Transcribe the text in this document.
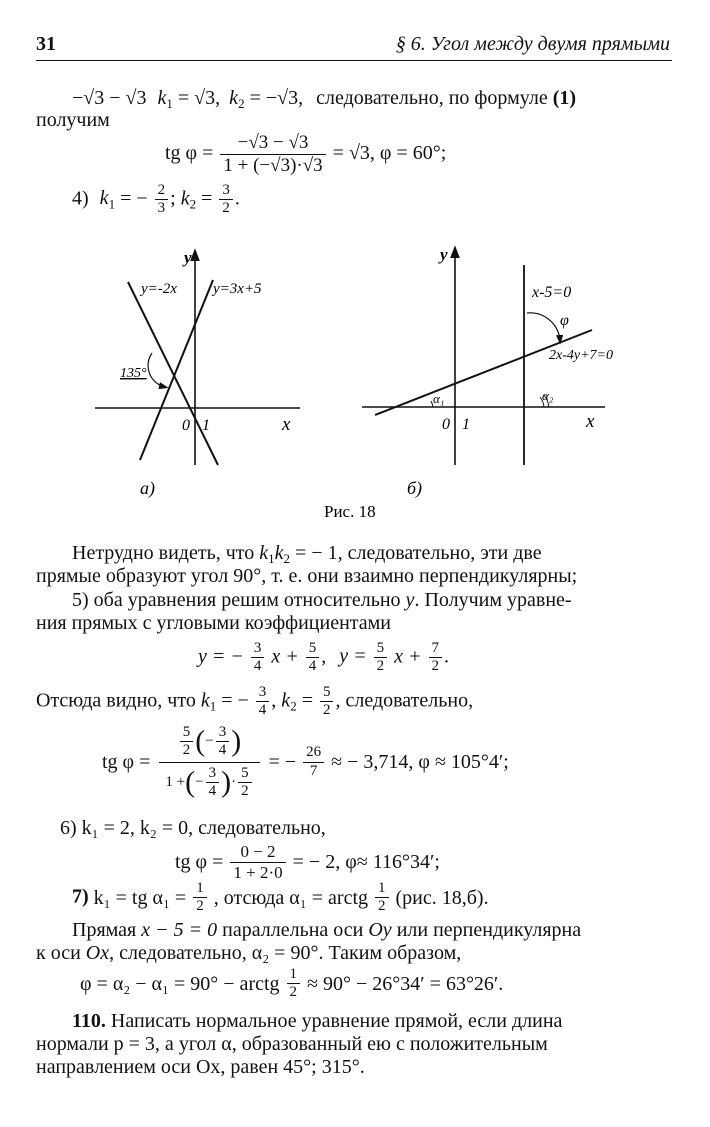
31	§ 6. Угол между двумя прямыми
−√3 − √3 $k_1 = √3$, $k_2 = -√3$, следовательно, по формуле (1)
получим
tg $\varphi = \frac{-√3 - √3}{1 + (-√3)\cdot√3} = √3$, φ = 60°;
4) $k_1$ = − $\frac{2}{3}$ ; $k_2 = \frac{3}{2}$ .
y=-2x y=3x+5
y
x
0 1
135°
а)
y
x
0 1
x-5=0
2x-4y+7=0
φ
α₁	α₂
б)
Рис. 18
Нетрудно видеть, что $k_1k_2$ = − 1, следовательно, эти две
прямые образуют угол 90°, т. е. они взаимно перпендикулярны;
5) оба уравнения решим относительно y. Получим уравне-
ния прямых с угловыми коэффициентами
y = − $\frac{3}{4}$ $x + \frac{5}{4}$ , $y = \frac{5}{2}$ $x + \frac{7}{2}$ .
Отсюда видно, что $k_1$ = − $\frac{3}{4}$ , $k_2 = \frac{5}{2}$ , следовательно,
tg $\varphi = \frac{\frac{5}{2} (- \frac{3}{4} )}{1 +(- \frac{3}{4} )\cdot \frac{5}{2}}$ = − $\frac{26}{7}$ ≈ − 3,714, φ ≈ 105°4′;
6) k₁ = 2, k₂ = 0, следовательно,
tg $\varphi = \frac{0 - 2}{1 + 2\cdot 0}$ = − 2, φ≈ 116°34′;
7) k₁ = tg $\alpha_1 = \frac{1}{2}$ , отсюда α₁ = arctg $\frac{1}{2} (рис$. 18,б).
Прямая x − 5 = 0 параллельна оси Oy или перпендикулярна
к оси Ox, следовательно, α₂ = 90°. Таким образом,
φ = α₂ − α₁ = 90° − arctg $\frac{1}{2} \approx 90^\circ - 26^\circ 34' = 63^\circ 26'$.
110. Написать нормальное уравнение прямой, если длина
нормали p = 3, а угол α, образованный ею с положительным
направлением оси Ox, равен 45°; 315°.
